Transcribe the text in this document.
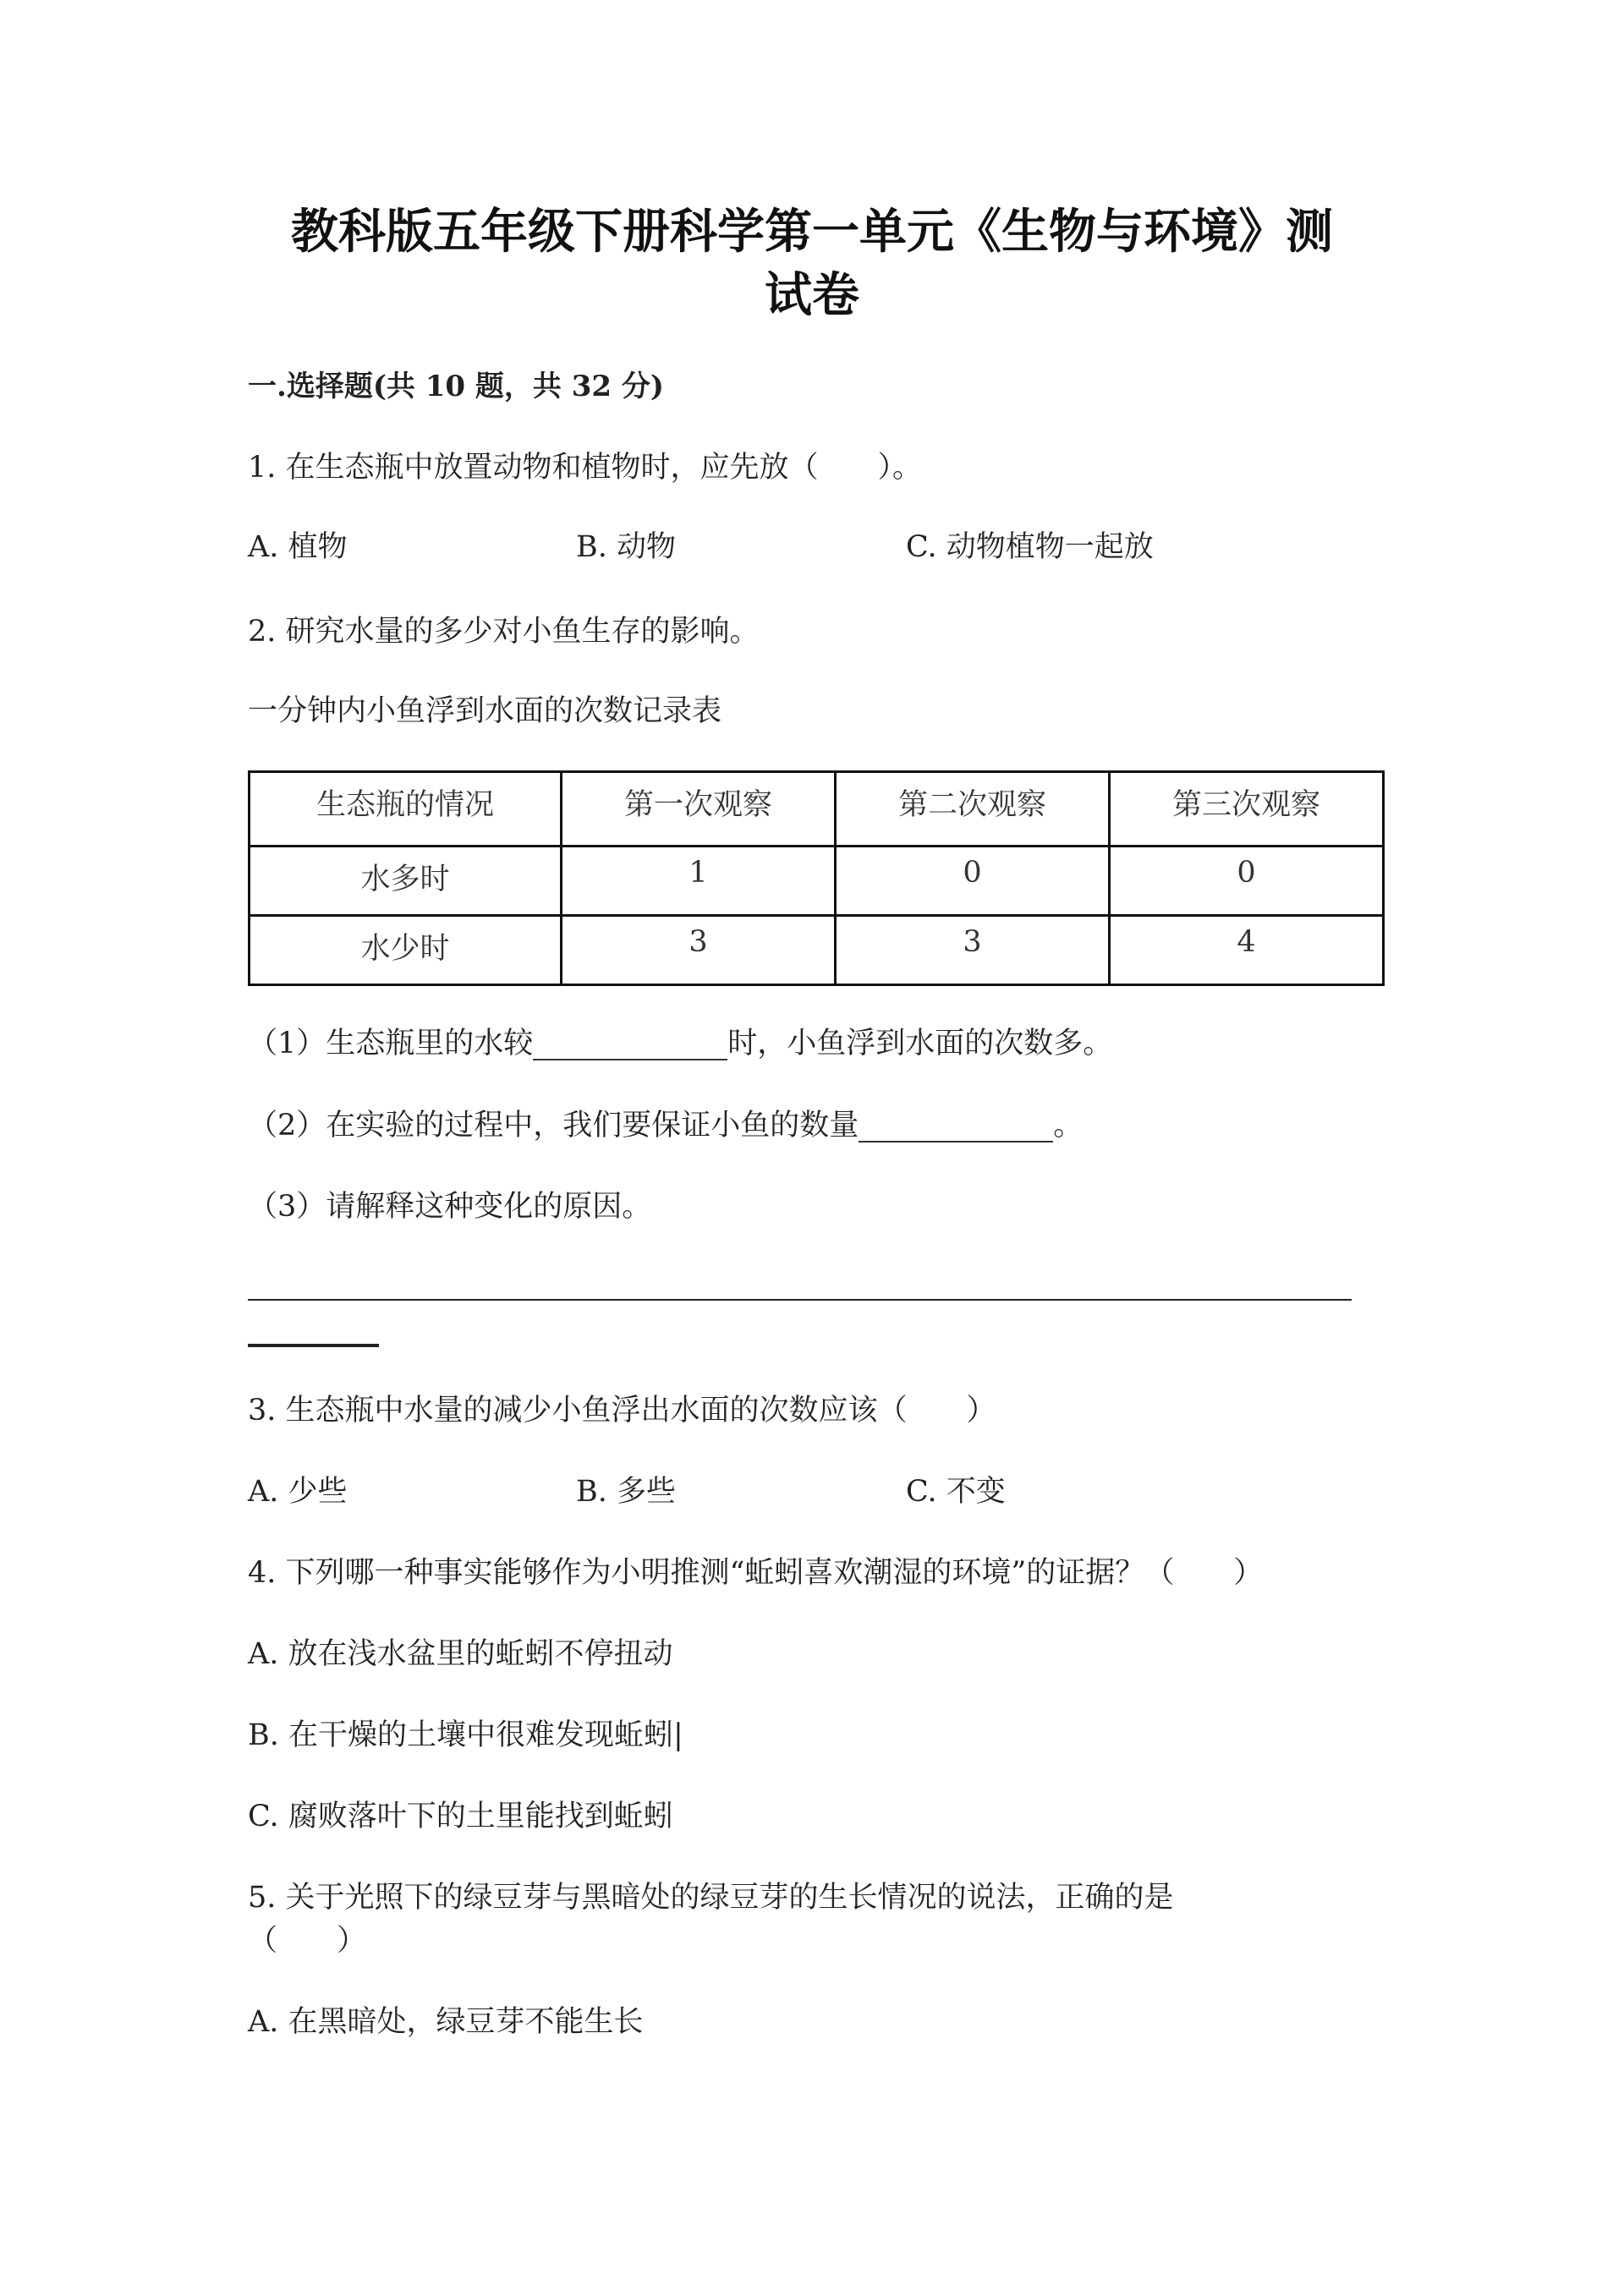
教科版五年级下册科学第一单元《生物与环境》测
试卷
一.选择题(共 10 题，共 32 分)
1. 在生态瓶中放置动物和植物时，应先放（　　）。
A. 植物	B. 动物	C. 动物植物一起放
2. 研究水量的多少对小鱼生存的影响。
一分钟内小鱼浮到水面的次数记录表
生态瓶的情况	第一次观察	第二次观察	第三次观察
水多时	1	0	0
水少时	3	3	4
（1）生态瓶里的水较	时，小鱼浮到水面的次数多。
（2）在实验的过程中，我们要保证小鱼的数量	。
（3）请解释这种变化的原因。
3. 生态瓶中水量的减少小鱼浮出水面的次数应该（　　）
A. 少些	B. 多些	C. 不变
4. 下列哪一种事实能够作为小明推测“蚯蚓喜欢潮湿的环境”的证据？（　　）
A. 放在浅水盆里的蚯蚓不停扭动
B. 在干燥的土壤中很难发现蚯蚓|
C. 腐败落叶下的土里能找到蚯蚓
5. 关于光照下的绿豆芽与黑暗处的绿豆芽的生长情况的说法，正确的是
（　　）
A. 在黑暗处，绿豆芽不能生长
